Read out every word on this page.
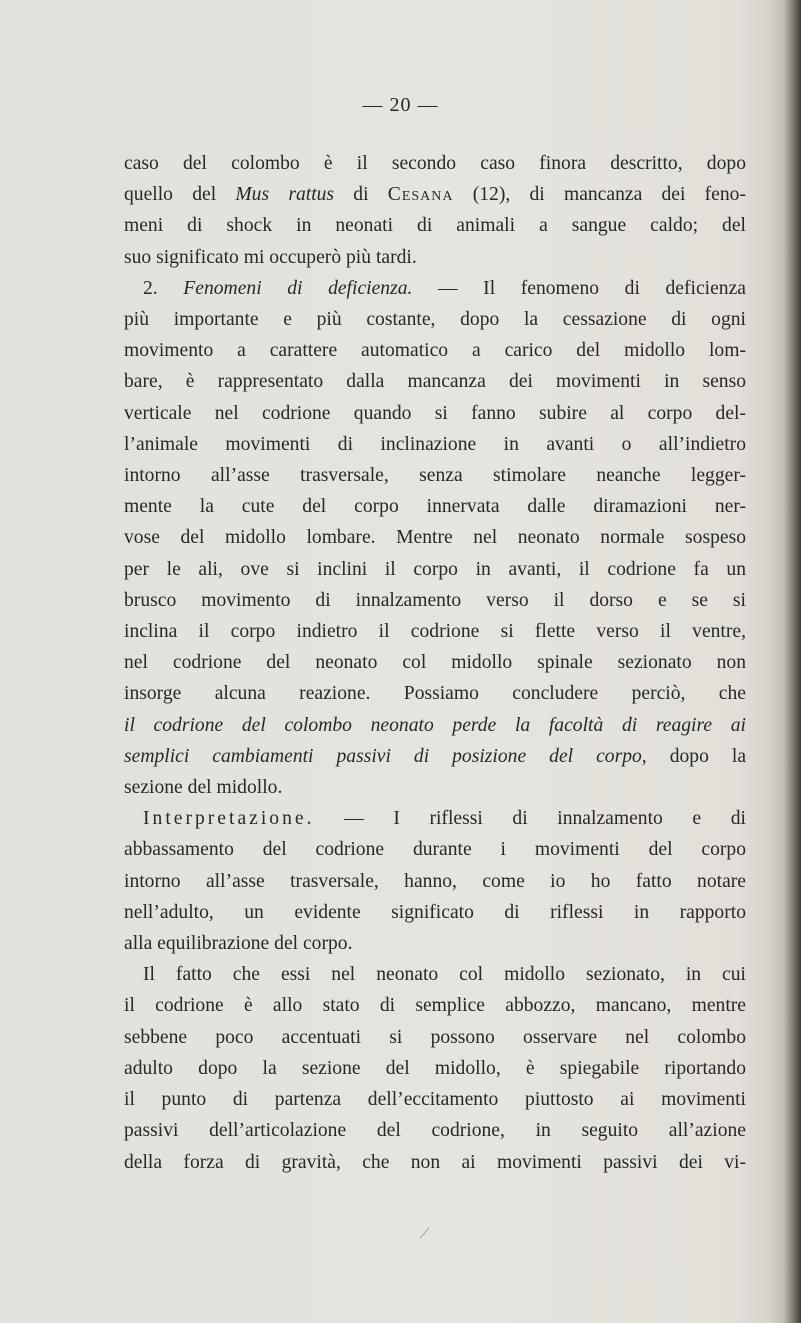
— 20 —
caso del colombo è il secondo caso finora descritto, dopo
quello del Mus rattus di Cesana (12), di mancanza dei feno-
meni di shock in neonati di animali a sangue caldo; del
suo significato mi occuperò più tardi.
2. Fenomeni di deficienza. — Il fenomeno di deficienza
più importante e più costante, dopo la cessazione di ogni
movimento a carattere automatico a carico del midollo lom-
bare, è rappresentato dalla mancanza dei movimenti in senso
verticale nel codrione quando si fanno subire al corpo del-
l’animale movimenti di inclinazione in avanti o all’indietro
intorno all’asse trasversale, senza stimolare neanche legger-
mente la cute del corpo innervata dalle diramazioni ner-
vose del midollo lombare. Mentre nel neonato normale sospeso
per le ali, ove si inclini il corpo in avanti, il codrione fa un
brusco movimento di innalzamento verso il dorso e se si
inclina il corpo indietro il codrione si flette verso il ventre,
nel codrione del neonato col midollo spinale sezionato non
insorge alcuna reazione. Possiamo concludere perciò, che
il codrione del colombo neonato perde la facoltà di reagire ai
semplici cambiamenti passivi di posizione del corpo, dopo la
sezione del midollo.
Interpretazione. — I riflessi di innalzamento e di
abbassamento del codrione durante i movimenti del corpo
intorno all’asse trasversale, hanno, come io ho fatto notare
nell’adulto, un evidente significato di riflessi in rapporto
alla equilibrazione del corpo.
Il fatto che essi nel neonato col midollo sezionato, in cui
il codrione è allo stato di semplice abbozzo, mancano, mentre
sebbene poco accentuati si possono osservare nel colombo
adulto dopo la sezione del midollo, è spiegabile riportando
il punto di partenza dell’eccitamento piuttosto ai movimenti
passivi dell’articolazione del codrione, in seguito all’azione
della forza di gravità, che non ai movimenti passivi dei vi-
